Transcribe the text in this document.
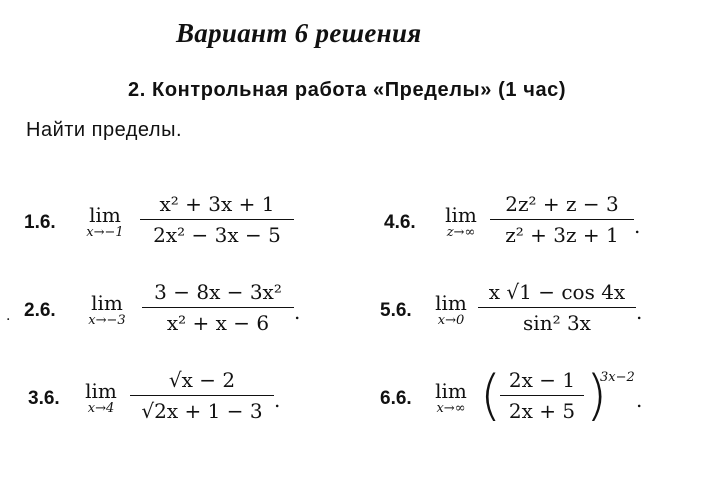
Вариант 6 решения
2. Контрольная работа «Пределы» (1 час)
Найти пределы.
·
1.6.	lim
x→−1
x² + 3x + 1
2x² − 3x − 5
2.6.	lim
x→−3
3 − 8x − 3x²
x² + x − 6	.
3.6.	lim
x→4
√x − 2
√2x + 1 − 3 .
4.6.	lim
z→∞
2z² + z − 3
z² + 3z + 1 .
5.6.	lim
x→0
x √1 − cos 4x
sin² 3x	.
6.6.	lim
x→∞ ( 2x − 1
2x + 5 )
3x−2
.
